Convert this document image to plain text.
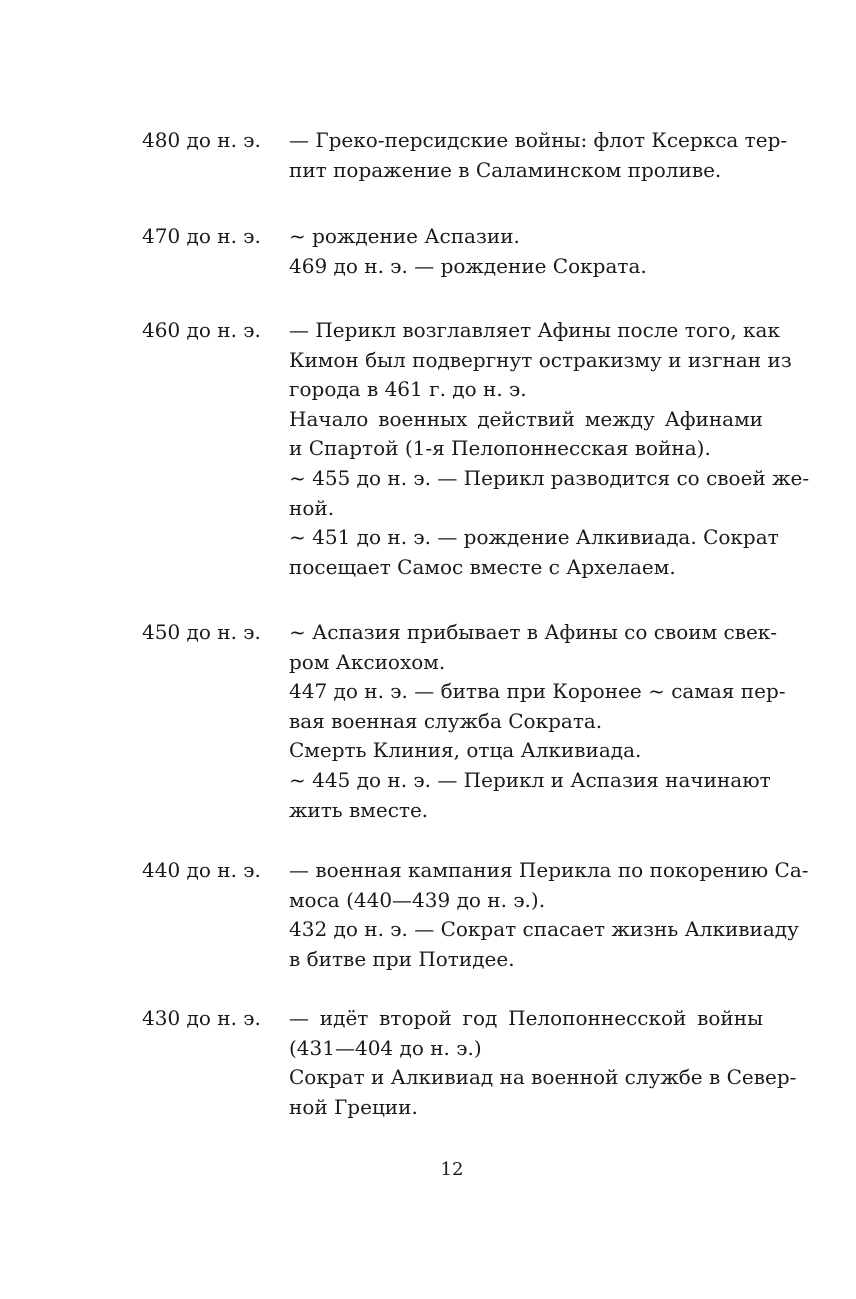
480 до н. э.	— Греко-персидские войны: флот Ксеркса тер-
пит поражение в Саламинском проливе.
470 до н. э.	~ рождение Аспазии.
469 до н. э. — рождение Сократа.
460 до н. э.	— Перикл возглавляет Афины после того, как
Кимон был подвергнут остракизму и изгнан из
города в 461 г. до н. э.
Начало военных действий между Афинами
и Спартой (1-я Пелопоннесская война).
~ 455 до н. э. — Перикл разводится со своей же-
ной.
~ 451 до н. э. — рождение Алкивиада. Сократ
посещает Самос вместе с Архелаем.
450 до н. э.	~ Аспазия прибывает в Афины со своим свек-
ром Аксиохом.
447 до н. э. — битва при Коронее ~ самая пер-
вая военная служба Сократа.
Смерть Клиния, отца Алкивиада.
~ 445 до н. э. — Перикл и Аспазия начинают
жить вместе.
440 до н. э.	— военная кампания Перикла по покорению Са-
моса (440—439 до н. э.).
432 до н. э. — Сократ спасает жизнь Алкивиаду
в битве при Потидее.
430 до н. э.	— идёт второй год Пелопоннесской войны
(431—404 до н. э.)
Сократ и Алкивиад на военной службе в Север-
ной Греции.
12
